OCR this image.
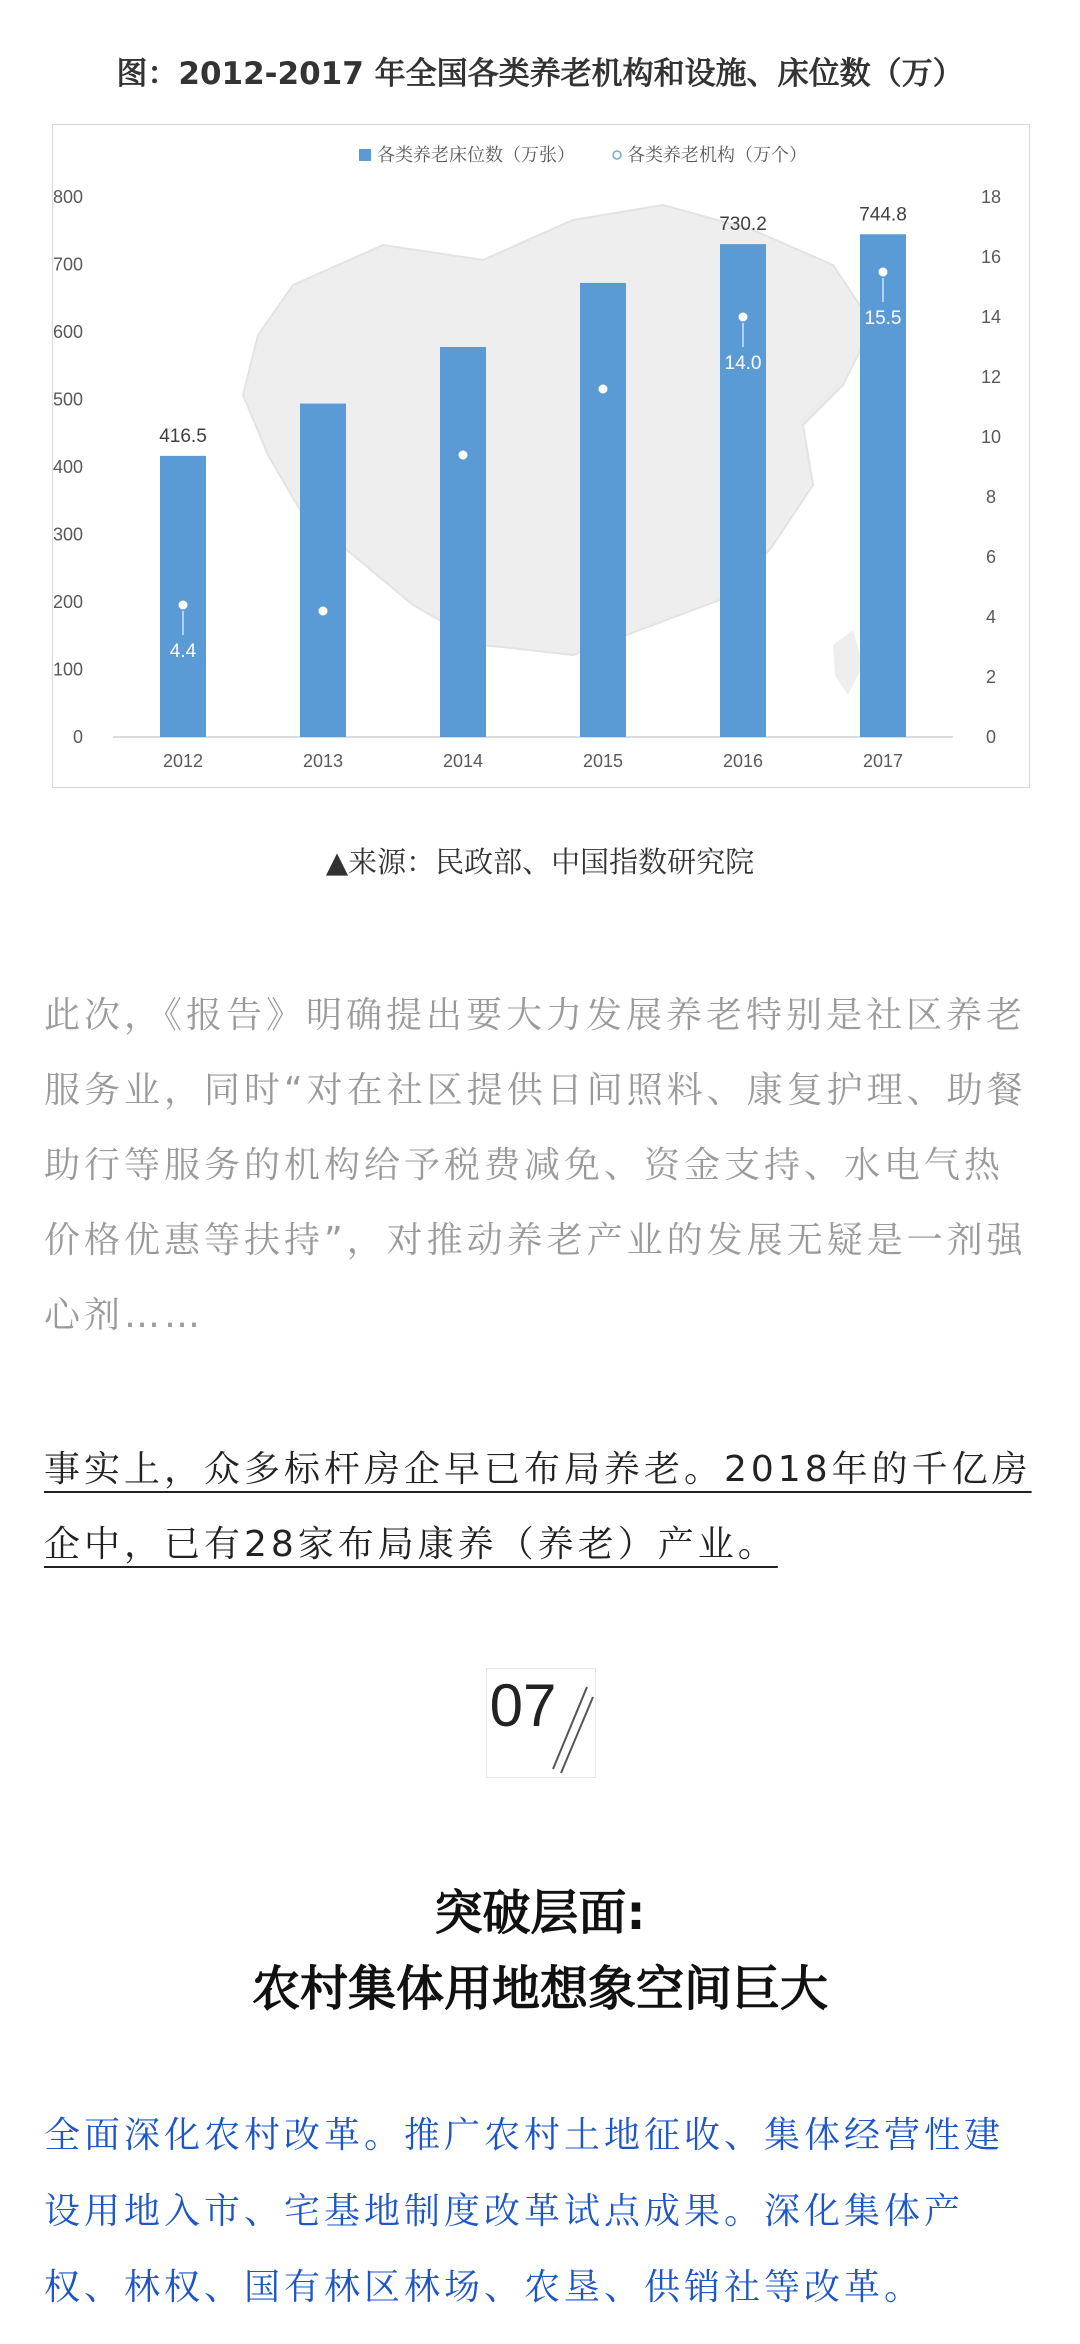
图：2012-2017 年全国各类养老机构和设施、床位数（万）
0
100
200
300
400
500
600
700
800
0
2
4
6
8
10
12
14
16
18
416.5
4.4
2012	2013	2014	2015
730.2
14.0
2016
744.8
15.5
2017
各类养老床位数（万张）	各类养老机构（万个）
▲来源：民政部、中国指数研究院
此次，《报告》明确提出要大力发展养老特别是社区养老服务业，同时“对在社区提供日间照料、康复护理、助餐助行等服务的机构给予税费减免、资金支持、水电气热价格优惠等扶持”，对推动养老产业的发展无疑是一剂强心剂……
事实上，众多标杆房企早已布局养老。2018年的千亿房企中，已有28家布局康养（养老）产业。
07
突破层面:
农村集体用地想象空间巨大
全面深化农村改革。推广农村土地征收、集体经营性建设用地入市、宅基地制度改革试点成果。深化集体产权、林权、国有林区林场、农垦、供销社等改革。
